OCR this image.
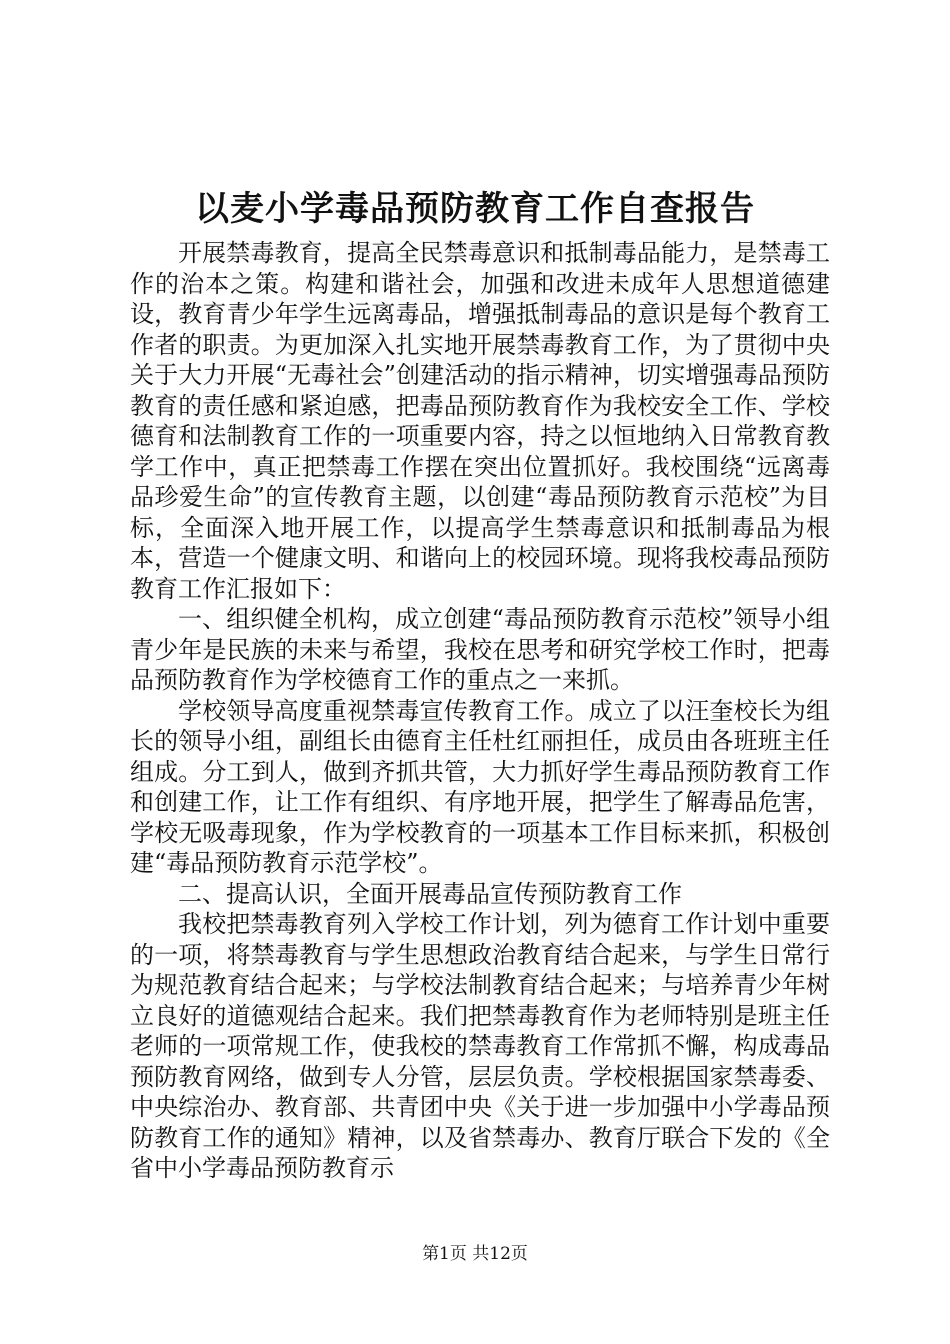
以麦小学毒品预防教育工作自查报告

开展禁毒教育，提高全民禁毒意识和抵制毒品能力，是禁毒工作的治本之策。构建和谐社会，加强和改进未成年人思想道德建设，教育青少年学生远离毒品，增强抵制毒品的意识是每个教育工作者的职责。为更加深入扎实地开展禁毒教育工作，为了贯彻中央关于大力开展“无毒社会”创建活动的指示精神，切实增强毒品预防教育的责任感和紧迫感，把毒品预防教育作为我校安全工作、学校德育和法制教育工作的一项重要内容，持之以恒地纳入日常教育教学工作中，真正把禁毒工作摆在突出位置抓好。我校围绕“远离毒品珍爱生命”的宣传教育主题，以创建“毒品预防教育示范校”为目标，全面深入地开展工作，以提高学生禁毒意识和抵制毒品为根本，营造一个健康文明、和谐向上的校园环境。现将我校毒品预防教育工作汇报如下：

一、组织健全机构，成立创建“毒品预防教育示范校”领导小组青少年是民族的未来与希望，我校在思考和研究学校工作时，把毒品预防教育作为学校德育工作的重点之一来抓。

学校领导高度重视禁毒宣传教育工作。成立了以汪奎校长为组长的领导小组，副组长由德育主任杜红丽担任，成员由各班班主任组成。分工到人，做到齐抓共管，大力抓好学生毒品预防教育工作和创建工作，让工作有组织、有序地开展，把学生了解毒品危害，学校无吸毒现象，作为学校教育的一项基本工作目标来抓，积极创建“毒品预防教育示范学校”。

二、提高认识，全面开展毒品宣传预防教育工作

我校把禁毒教育列入学校工作计划，列为德育工作计划中重要的一项，将禁毒教育与学生思想政治教育结合起来，与学生日常行为规范教育结合起来；与学校法制教育结合起来；与培养青少年树立良好的道德观结合起来。我们把禁毒教育作为老师特别是班主任老师的一项常规工作，使我校的禁毒教育工作常抓不懈，构成毒品预防教育网络，做到专人分管，层层负责。学校根据国家禁毒委、中央综治办、教育部、共青团中央《关于进一步加强中小学毒品预防教育工作的通知》精神，以及省禁毒办、教育厅联合下发的《全省中小学毒品预防教育示

第1页 共12页
